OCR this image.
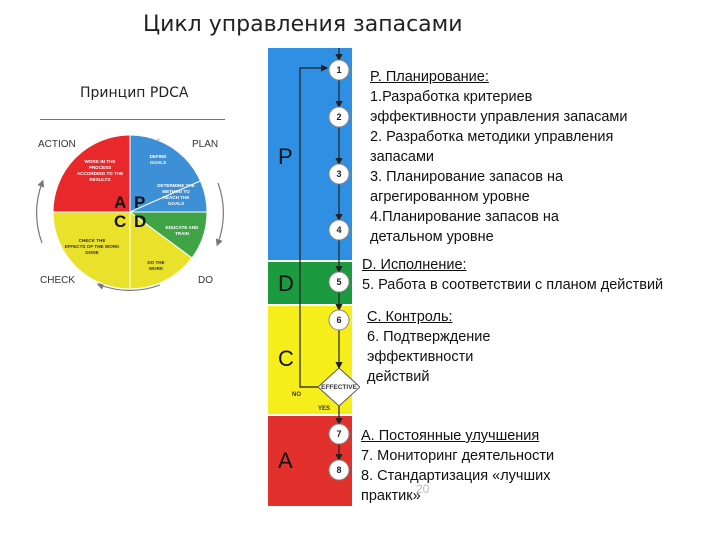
Цикл управления запасами
Принцип PDCA
ACTION	PLAN
CHECK	DO
A P
C D
WORK IN THE
PROCESS
ACCORDING TO THE
RESULTS
DEFINE
GOALS
DETERMINE THE
METHOD TO
REACH THE
GOALS
EDUCATE AND
TRAIN
CHECK THE
EFFECTS OF THE WORK
DONE
DO THE
WORK
P
D
C
A
EFFECTIVE
NO
YES
1
2
3
4
5
6
7
8
P. Планирование:
1.Разработка критериев
эффективности управления запасами
2. Разработка методики управления
запасами
3. Планирование запасов на
агрегированном уровне
4.Планирование запасов на
детальном уровне
D. Исполнение:
5. Работа в соответствии с планом действий
C. Контроль:
6. Подтверждение
эффективности
действий
A. Постоянные улучшения
7. Мониторинг деятельности
8. Стандартизация «лучших
практик»
20
